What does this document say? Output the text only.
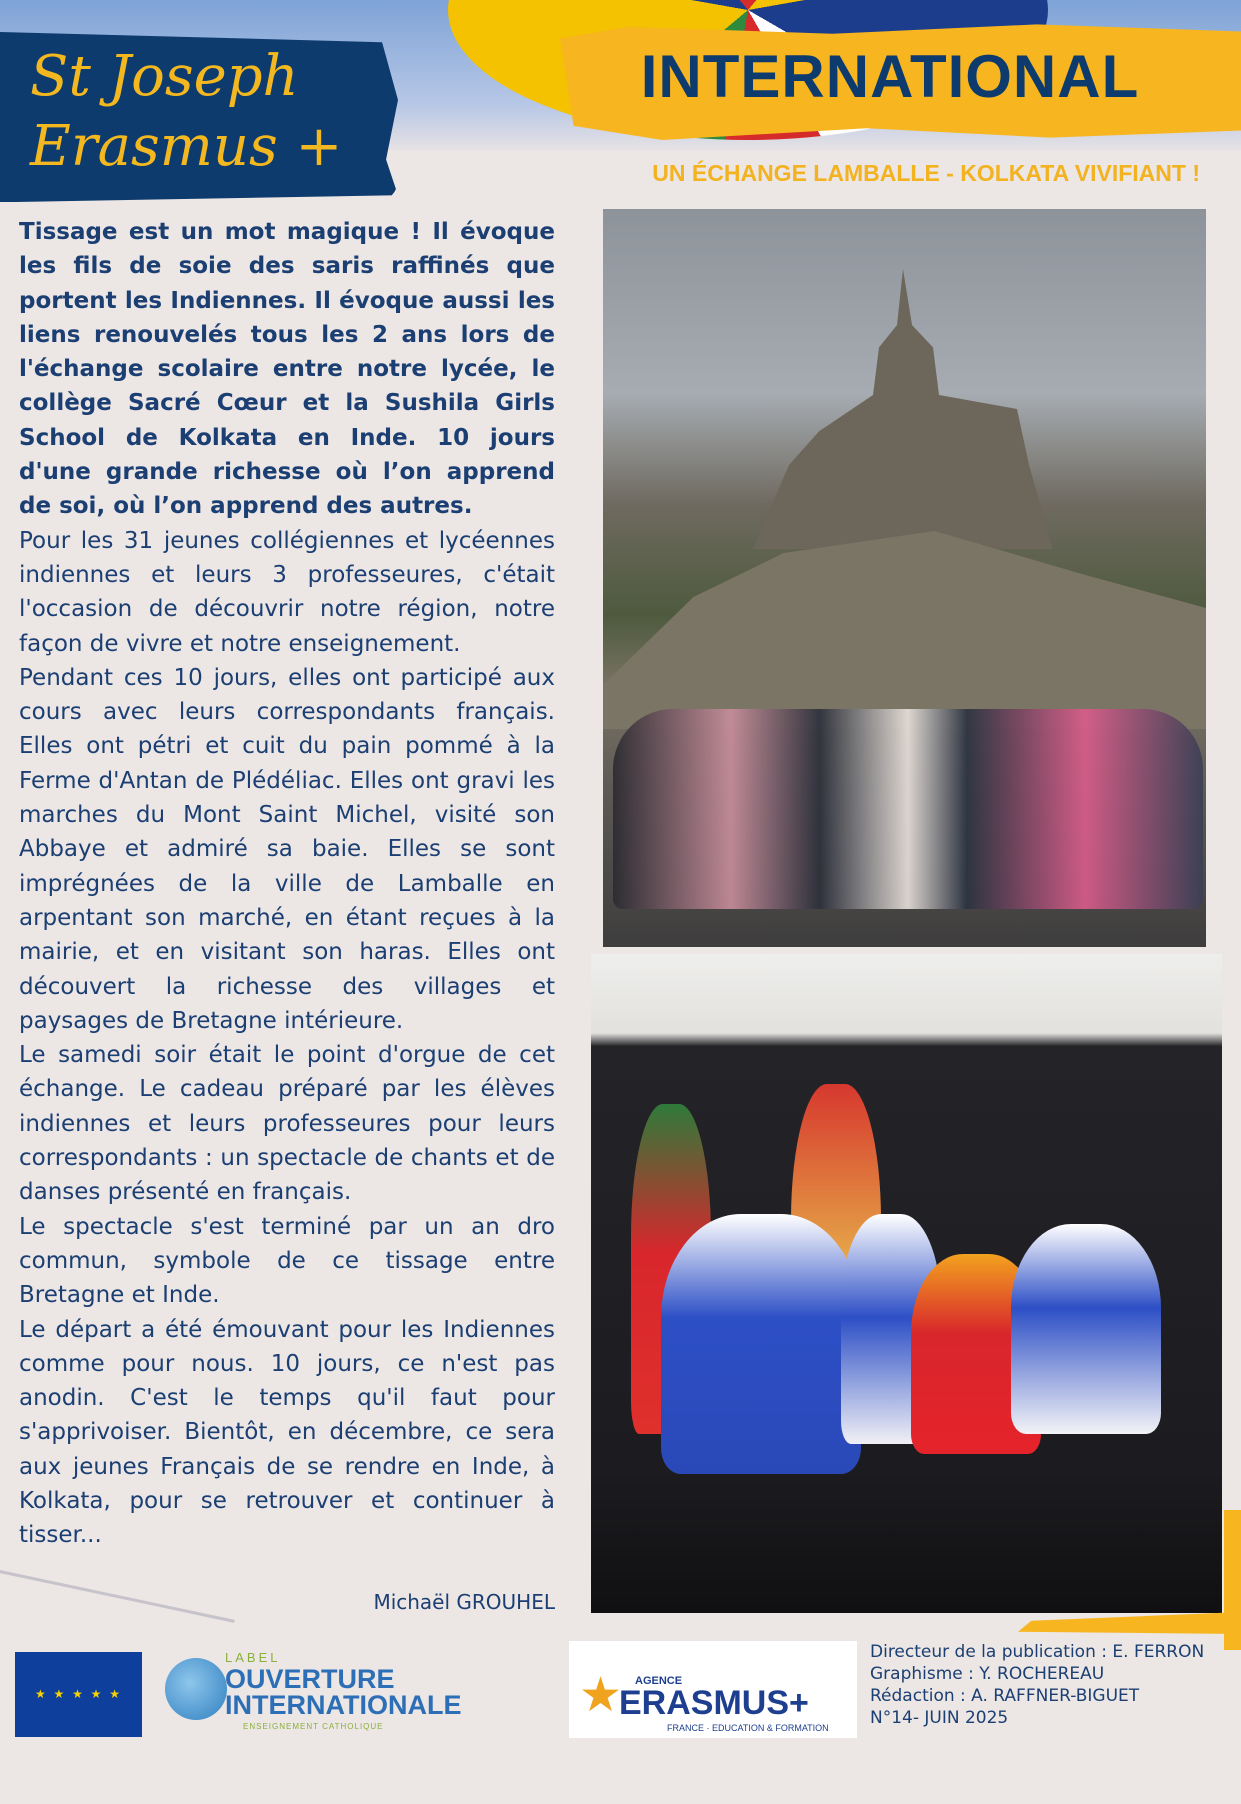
St Joseph
Erasmus +
INTERNATIONAL
UN ÉCHANGE LAMBALLE - KOLKATA VIVIFIANT !

Tissage est un mot magique ! Il évoque les fils de soie des saris raffinés que portent les Indiennes. Il évoque aussi les liens renouvelés tous les 2 ans lors de l'échange scolaire entre notre lycée, le collège Sacré Cœur et la Sushila Girls School de Kolkata en Inde. 10 jours d'une grande richesse où l’on apprend de soi, où l’on apprend des autres.

Pour les 31 jeunes collégiennes et lycéennes indiennes et leurs 3 professeures, c'était l'occasion de découvrir notre région, notre façon de vivre et notre enseignement.

Pendant ces 10 jours, elles ont participé aux cours avec leurs correspondants français. Elles ont pétri et cuit du pain pommé à la Ferme d'Antan de Plédéliac. Elles ont gravi les marches du Mont Saint Michel, visité son Abbaye et admiré sa baie. Elles se sont imprégnées de la ville de Lamballe en arpentant son marché, en étant reçues à la mairie, et en visitant son haras. Elles ont découvert la richesse des villages et paysages de Bretagne intérieure.

Le samedi soir était le point d'orgue de cet échange. Le cadeau préparé par les élèves indiennes et leurs professeures pour leurs correspondants : un spectacle de chants et de danses présenté en français.

Le spectacle s'est terminé par un an dro commun, symbole de ce tissage entre Bretagne et Inde.

Le départ a été émouvant pour les Indiennes comme pour nous. 10 jours, ce n'est pas anodin. C'est le temps qu'il faut pour s'apprivoiser. Bientôt, en décembre, ce sera aux jeunes Français de se rendre en Inde, à Kolkata, pour se retrouver et continuer à tisser...

Michaël GROUHEL
★ ★ ★ ★ ★
LABEL
OUVERTURE
INTERNATIONALE
ENSEIGNEMENT CATHOLIQUE
★ AGENCE
ERASMUS+
FRANCE · EDUCATION & FORMATION
Directeur de la publication : E. FERRON
Graphisme : Y. ROCHEREAU
Rédaction : A. RAFFNER-BIGUET
N°14- JUIN 2025
